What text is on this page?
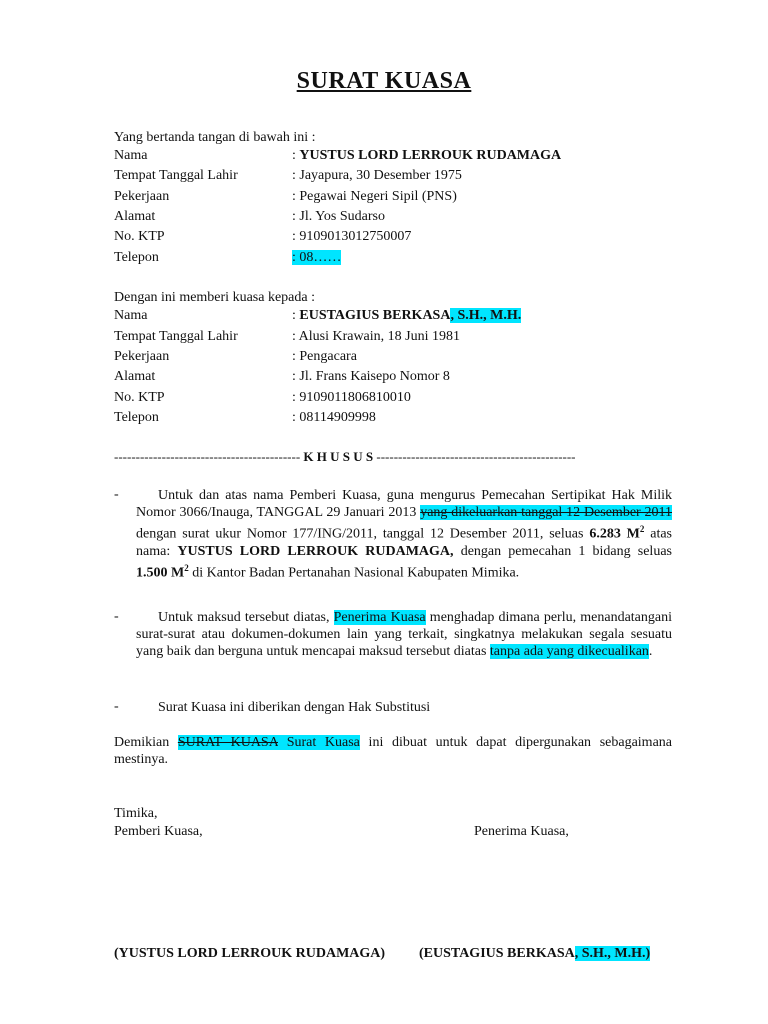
SURAT KUASA
Yang bertanda tangan di bawah ini :
Nama	: YUSTUS LORD LERROUK RUDAMAGA
Tempat Tanggal Lahir	: Jayapura, 30 Desember 1975
Pekerjaan	: Pegawai Negeri Sipil (PNS)
Alamat	: Jl. Yos Sudarso
No. KTP	: 9109013012750007
Telepon	: 08……
Dengan ini memberi kuasa kepada :
Nama	: EUSTAGIUS BERKASA, S.H., M.H.
Tempat Tanggal Lahir	: Alusi Krawain, 18 Juni 1981
Pekerjaan	: Pengacara
Alamat	: Jl. Frans Kaisepo Nomor 8
No. KTP	: 9109011806810010
Telepon	: 08114909998
------------------------------------------- K H U S U S ----------------------------------------------
-	Untuk dan atas nama Pemberi Kuasa, guna mengurus Pemecahan Sertipikat Hak Milik Nomor 3066/Inauga, TANGGAL 29 Januari 2013 yang dikeluarkan tanggal 12 Desember 2011 dengan surat ukur Nomor 177/ING/2011, tanggal 12 Desember 2011, seluas 6.283 $M^2$ atas nama: YUSTUS LORD LERROUK RUDAMAGA, dengan pemecahan 1 bidang seluas 1.500 $M^2$ di Kantor Badan Pertanahan Nasional Kabupaten Mimika.
-	Untuk maksud tersebut diatas, Penerima Kuasa menghadap dimana perlu, menandatangani surat-surat atau dokumen-dokumen lain yang terkait, singkatnya melakukan segala sesuatu yang baik dan berguna untuk mencapai maksud tersebut diatas tanpa ada yang dikecualikan.
-	Surat Kuasa ini diberikan dengan Hak Substitusi
Demikian SURAT KUASA Surat Kuasa ini dibuat untuk dapat dipergunakan sebagaimana mestinya.
Timika,
Pemberi Kuasa,	Penerima Kuasa,
(YUSTUS LORD LERROUK RUDAMAGA) (EUSTAGIUS BERKASA, S.H., M.H.)
